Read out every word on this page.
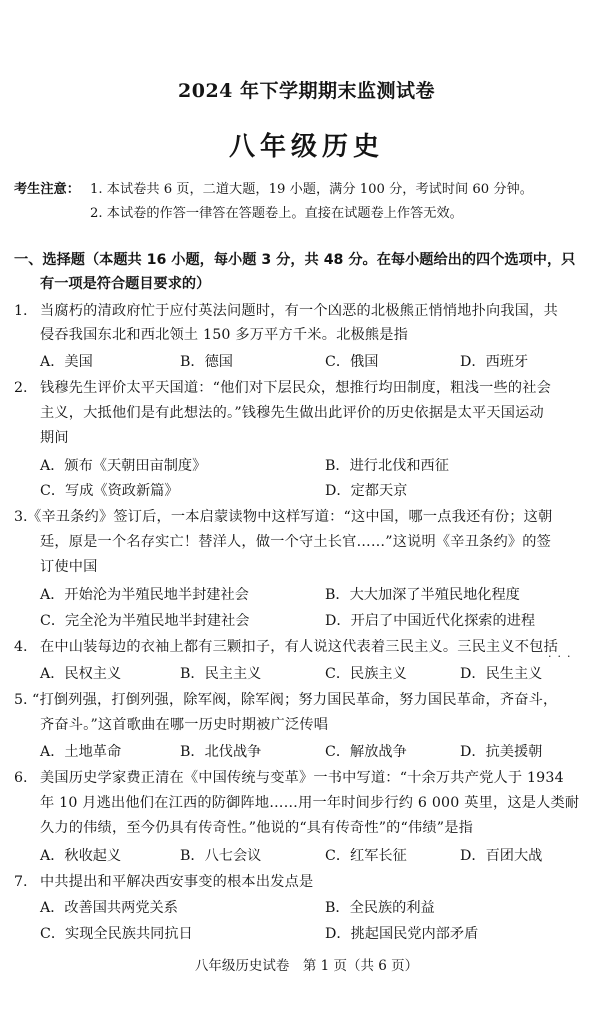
2024 年下学期期末监测试卷
八年级历史
考生注意： 1. 本试卷共 6 页，二道大题，19 小题，满分 100 分，考试时间 60 分钟。
2. 本试卷的作答一律答在答题卷上。直接在试题卷上作答无效。
一、选择题（本题共 16 小题，每小题 3 分，共 48 分。在每小题给出的四个选项中，只
有一项是符合题目要求的）
1. 当腐朽的清政府忙于应付英法问题时，有一个凶恶的北极熊正悄悄地扑向我国，共
侵吞我国东北和西北领土 150 多万平方千米。北极熊是指
A．美国	B．德国	C．俄国	D．西班牙
2. 钱穆先生评价太平天国道：“他们对下层民众，想推行均田制度，粗浅一些的社会
主义，大抵他们是有此想法的。”钱穆先生做出此评价的历史依据是太平天国运动
期间
A．颁布《天朝田亩制度》	B．进行北伐和西征
C．写成《资政新篇》	D．定都天京
3. 《辛丑条约》签订后，一本启蒙读物中这样写道：“这中国，哪一点我还有份；这朝
廷，原是一个名存实亡！替洋人，做一个守土长官……”这说明《辛丑条约》的签
订使中国
A．开始沦为半殖民地半封建社会	B．大大加深了半殖民地化程度
C．完全沦为半殖民地半封建社会	D．开启了中国近代化探索的进程
4. 在中山装每边的衣袖上都有三颗扣子，有人说这代表着三民主义。三民主义不包括
···
A．民权主义	B．民主主义	C．民族主义	D．民生主义
5. “打倒列强，打倒列强，除军阀，除军阀；努力国民革命，努力国民革命，齐奋斗，
齐奋斗。”这首歌曲在哪一历史时期被广泛传唱
A．土地革命	B．北伐战争	C．解放战争	D．抗美援朝
6. 美国历史学家费正清在《中国传统与变革》一书中写道：“十余万共产党人于 1934
年 10 月逃出他们在江西的防御阵地……用一年时间步行约 6 000 英里，这是人类耐
久力的伟绩，至今仍具有传奇性。”他说的“具有传奇性”的“伟绩”是指
A．秋收起义	B．八七会议	C．红军长征	D．百团大战
7. 中共提出和平解决西安事变的根本出发点是
A．改善国共两党关系	B．全民族的利益
C．实现全民族共同抗日	D．挑起国民党内部矛盾
八年级历史试卷　第 1 页（共 6 页）
